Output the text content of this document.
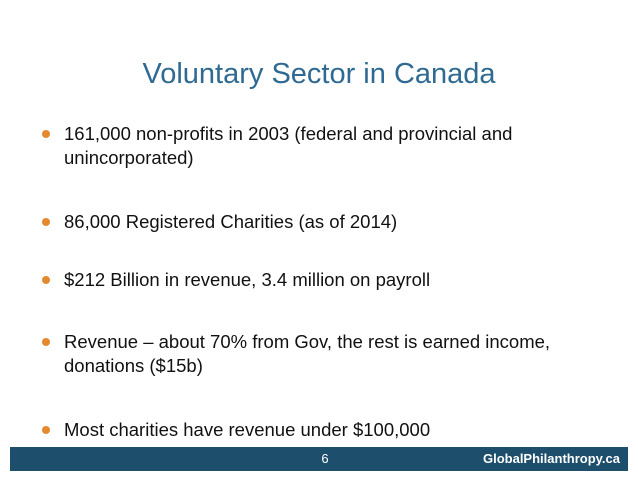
Voluntary Sector in Canada
161,000 non-profits in 2003 (federal and provincial and unincorporated)
86,000 Registered Charities (as of 2014)
$212 Billion in revenue, 3.4 million on payroll
Revenue – about 70% from Gov, the rest is earned income, donations ($15b)
Most charities have revenue under $100,000
6	GlobalPhilanthropy.ca
